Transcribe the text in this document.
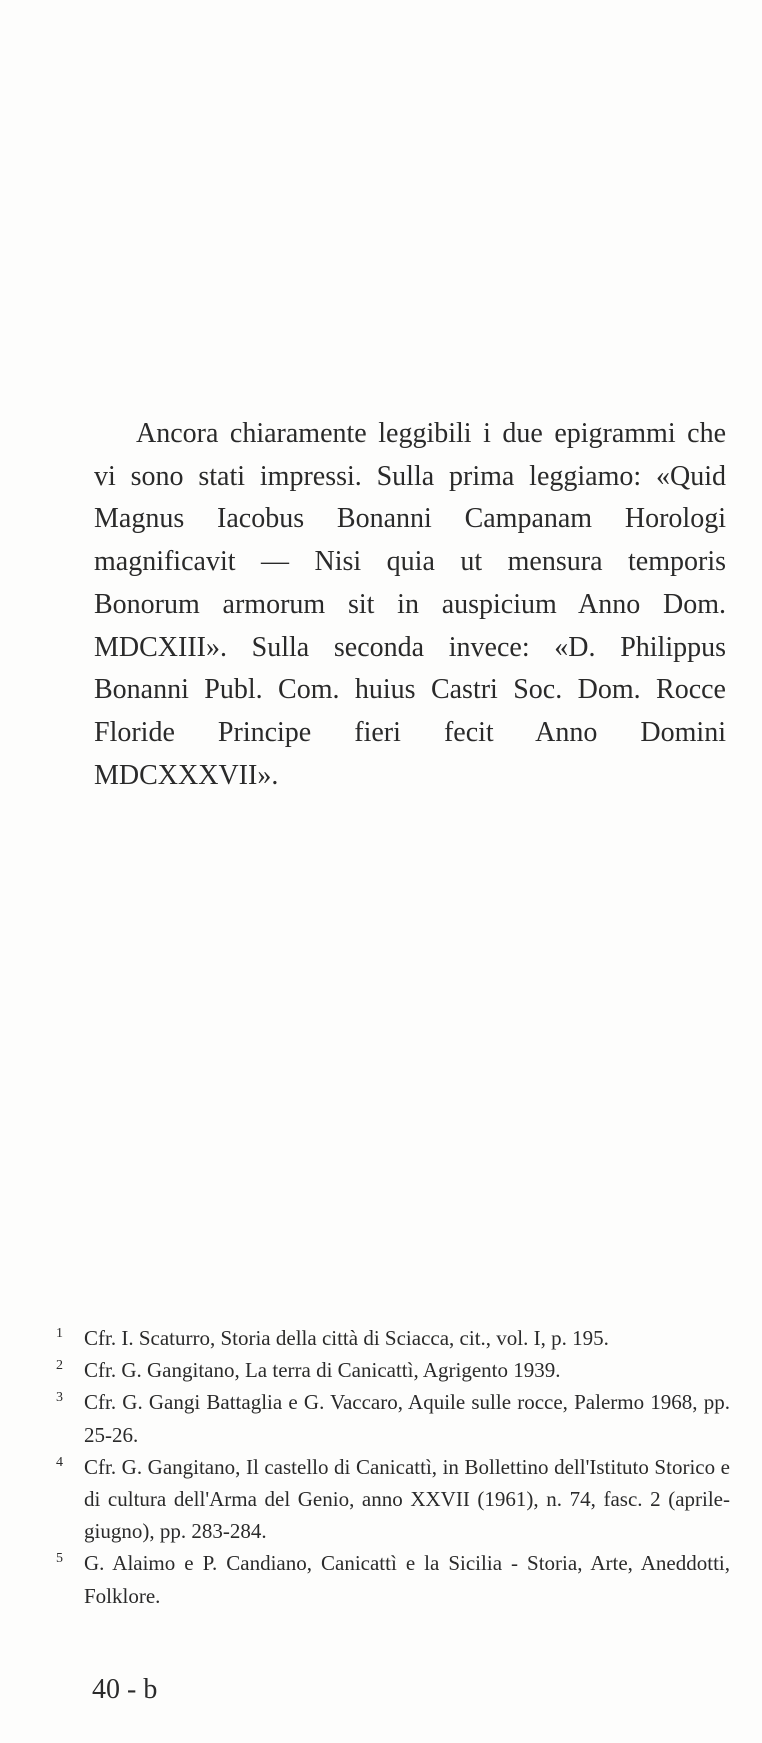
Ancora chiaramente leggibili i due epigrammi che vi sono stati impressi. Sulla prima leggiamo: «Quid Magnus Iacobus Bonanni Campanam Horologi magnificavit — Nisi quia ut mensura temporis Bonorum armorum sit in auspicium Anno Dom. MDCXIII». Sulla seconda invece: «D. Philippus Bonanni Publ. Com. huius Castri Soc. Dom. Rocce Floride Principe fieri fecit Anno Domini MDCXXXVII».

1 Cfr. I. Scaturro, Storia della città di Sciacca, cit., vol. I, p. 195.
2 Cfr. G. Gangitano, La terra di Canicattì, Agrigento 1939.
3 Cfr. G. Gangi Battaglia e G. Vaccaro, Aquile sulle rocce, Palermo 1968, pp. 25-26.
4 Cfr. G. Gangitano, Il castello di Canicattì, in Bollettino dell'Istituto Storico e di cultura dell'Arma del Genio, anno XXVII (1961), n. 74, fasc. 2 (aprile-giugno), pp. 283-284.
5 G. Alaimo e P. Candiano, Canicattì e la Sicilia - Storia, Arte, Aneddotti, Folklore.
40 - b
